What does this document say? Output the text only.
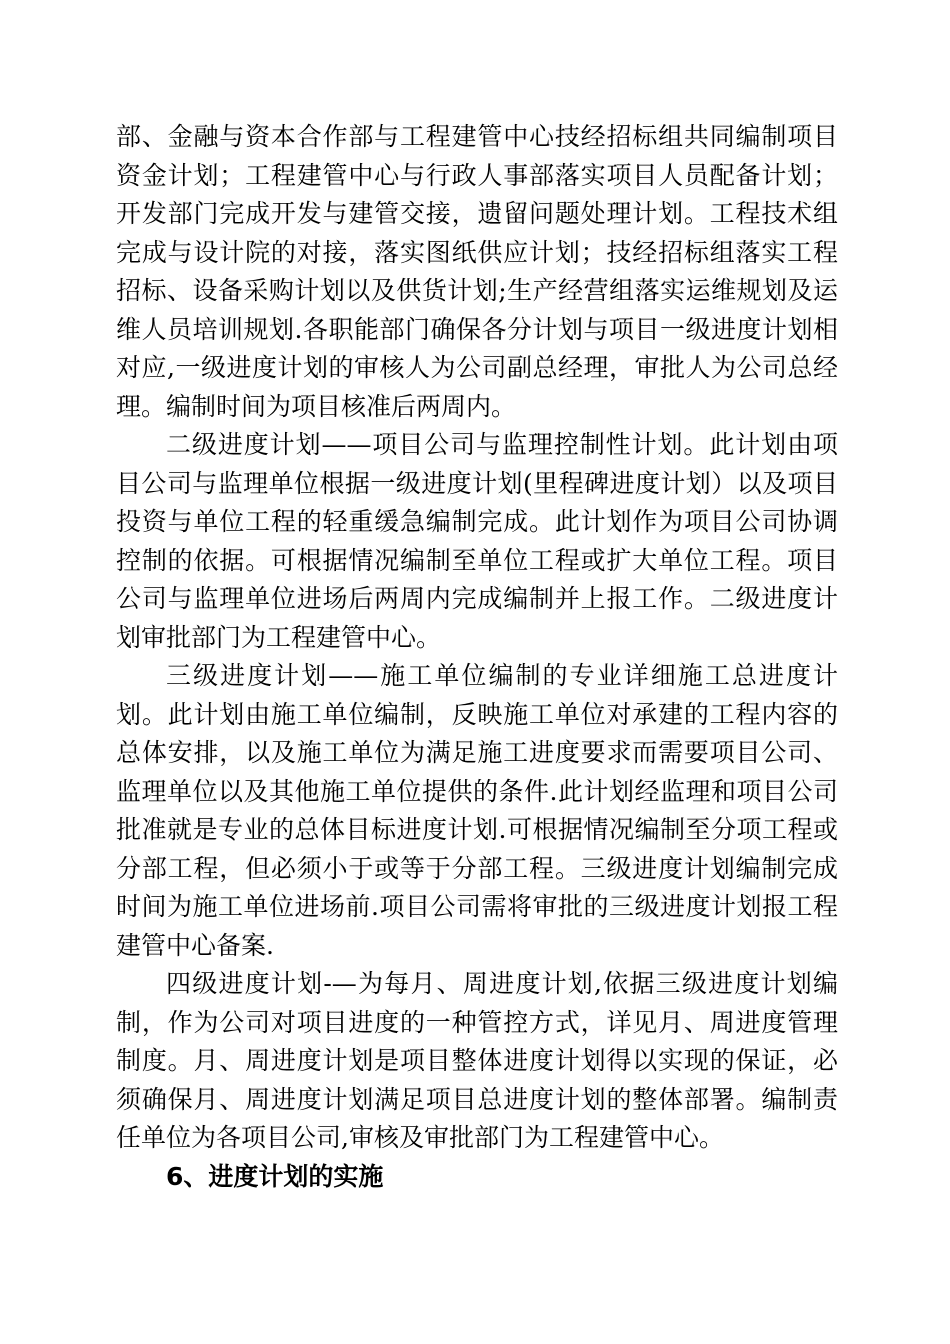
部、金融与资本合作部与工程建管中心技经招标组共同编制项目资金计划；工程建管中心与行政人事部落实项目人员配备计划；开发部门完成开发与建管交接，遗留问题处理计划。工程技术组完成与设计院的对接，落实图纸供应计划；技经招标组落实工程招标、设备采购计划以及供货计划;生产经营组落实运维规划及运维人员培训规划.各职能部门确保各分计划与项目一级进度计划相对应,一级进度计划的审核人为公司副总经理，审批人为公司总经理。编制时间为项目核准后两周内。

二级进度计划——项目公司与监理控制性计划。此计划由项目公司与监理单位根据一级进度计划(里程碑进度计划）以及项目投资与单位工程的轻重缓急编制完成。此计划作为项目公司协调控制的依据。可根据情况编制至单位工程或扩大单位工程。项目公司与监理单位进场后两周内完成编制并上报工作。二级进度计划审批部门为工程建管中心。

三级进度计划——施工单位编制的专业详细施工总进度计划。此计划由施工单位编制，反映施工单位对承建的工程内容的总体安排，以及施工单位为满足施工进度要求而需要项目公司、监理单位以及其他施工单位提供的条件.此计划经监理和项目公司批准就是专业的总体目标进度计划.可根据情况编制至分项工程或分部工程，但必须小于或等于分部工程。三级进度计划编制完成时间为施工单位进场前.项目公司需将审批的三级进度计划报工程建管中心备案.

四级进度计划-—为每月、周进度计划,依据三级进度计划编制，作为公司对项目进度的一种管控方式，详见月、周进度管理制度。月、周进度计划是项目整体进度计划得以实现的保证，必须确保月、周进度计划满足项目总进度计划的整体部署。编制责任单位为各项目公司,审核及审批部门为工程建管中心。

6、进度计划的实施
